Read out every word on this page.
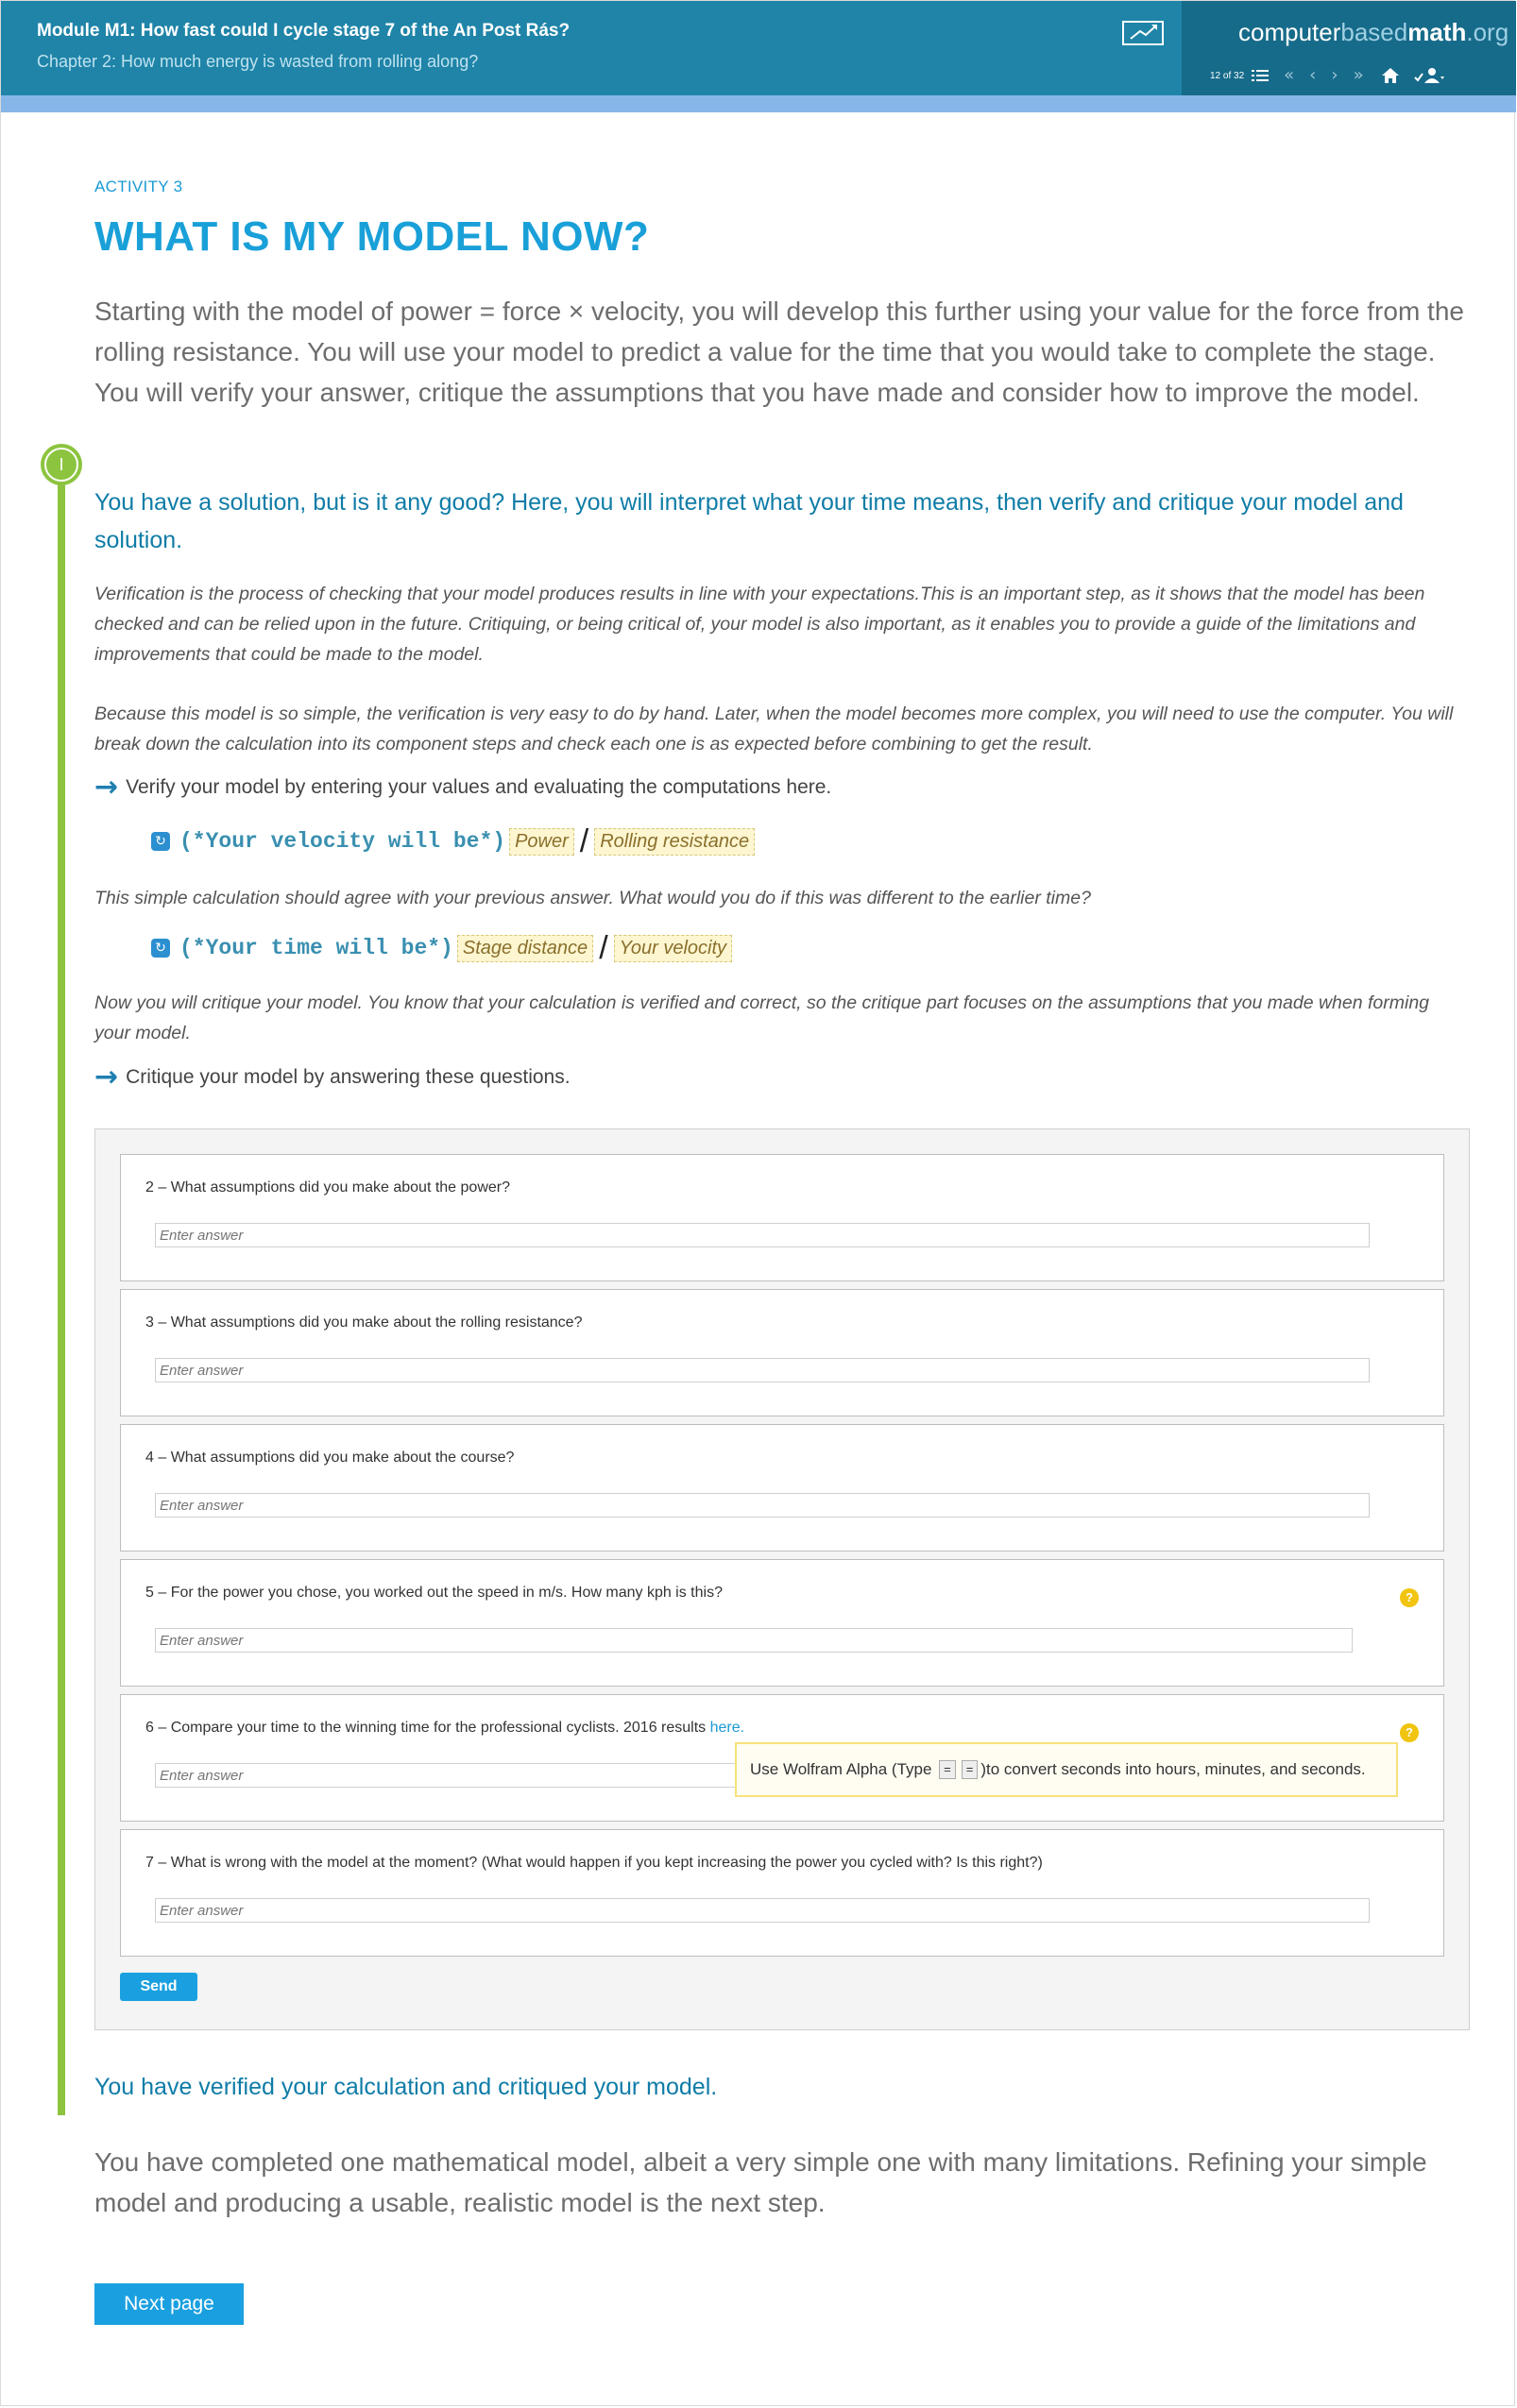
Module M1: How fast could I cycle stage 7 of the An Post Rás?
Chapter 2: How much energy is wasted from rolling along?
computerbasedmath.org
12 of 32 « ‹ › »
ACTIVITY 3
WHAT IS MY MODEL NOW?
Starting with the model of power = force × velocity, you will develop this further using your value for the force from the rolling resistance. You will use your model to predict a value for the time that you would take to complete the stage. You will verify your answer, critique the assumptions that you have made and consider how to improve the model.
I
You have a solution, but is it any good? Here, you will interpret what your time means, then verify and critique your model and solution.
Verification is the process of checking that your model produces results in line with your expectations.This is an important step, as it shows that the model has been checked and can be relied upon in the future. Critiquing, or being critical of, your model is also important, as it enables you to provide a guide of the limitations and improvements that could be made to the model.
Because this model is so simple, the verification is very easy to do by hand. Later, when the model becomes more complex, you will need to use the computer. You will break down the calculation into its component steps and check each one is as expected before combining to get the result.
→ Verify your model by entering your values and evaluating the computations here.
↻ (*Your velocity will be*) Power / Rolling resistance
This simple calculation should agree with your previous answer. What would you do if this was different to the earlier time?
↻ (*Your time will be*) Stage distance / Your velocity
Now you will critique your model. You know that your calculation is verified and correct, so the critique part focuses on the assumptions that you made when forming your model.
→ Critique your model by answering these questions.
2 – What assumptions did you make about the power?
Enter answer
3 – What assumptions did you make about the rolling resistance?
Enter answer
4 – What assumptions did you make about the course?
Enter answer
5 – For the power you chose, you worked out the speed in m/s. How many kph is this?	?
Enter answer
6 – Compare your time to the winning time for the professional cyclists. 2016 results here.	?
Enter answer
Use Wolfram Alpha (Type
=	= )to convert seconds into hours, minutes, and seconds.
7 – What is wrong with the model at the moment? (What would happen if you kept increasing the power you cycled with? Is this right?)
Enter answer
Send
You have verified your calculation and critiqued your model.
You have completed one mathematical model, albeit a very simple one with many limitations. Refining your simple model and producing a usable, realistic model is the next step.
Next page
